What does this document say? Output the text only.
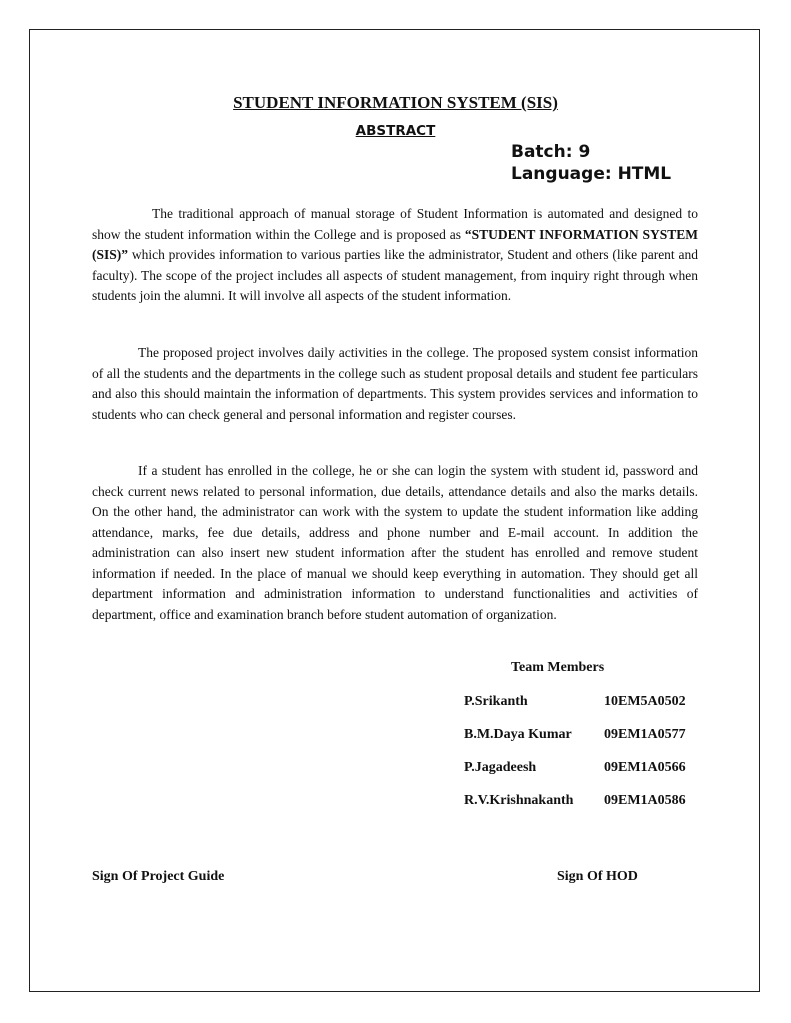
STUDENT INFORMATION SYSTEM (SIS)
ABSTRACT
Batch: 9
Language: HTML

The traditional approach of manual storage of Student Information is automated and designed to show the student information within the College and is proposed as “STUDENT INFORMATION SYSTEM (SIS)” which provides information to various parties like the administrator, Student and others (like parent and faculty). The scope of the project includes all aspects of student management, from inquiry right through when students join the alumni. It will involve all aspects of the student information.

The proposed project involves daily activities in the college. The proposed system consist information of all the students and the departments in the college such as student proposal details and student fee particulars and also this should maintain the information of departments. This system provides services and information to students who can check general and personal information and register courses.

If a student has enrolled in the college, he or she can login the system with student id, password and check current news related to personal information, due details, attendance details and also the marks details. On the other hand, the administrator can work with the system to update the student information like adding attendance, marks, fee due details, address and phone number and E-mail account. In addition the administration can also insert new student information after the student has enrolled and remove student information if needed. In the place of manual we should keep everything in automation. They should get all department information and administration information to understand functionalities and activities of department, office and examination branch before student automation of organization.

Team Members
P.Srikanth	10EM5A0502
B.M.Daya Kumar 09EM1A0577
P.Jagadeesh	09EM1A0566
R.V.Krishnakanth 09EM1A0586
Sign Of Project Guide	Sign Of HOD
